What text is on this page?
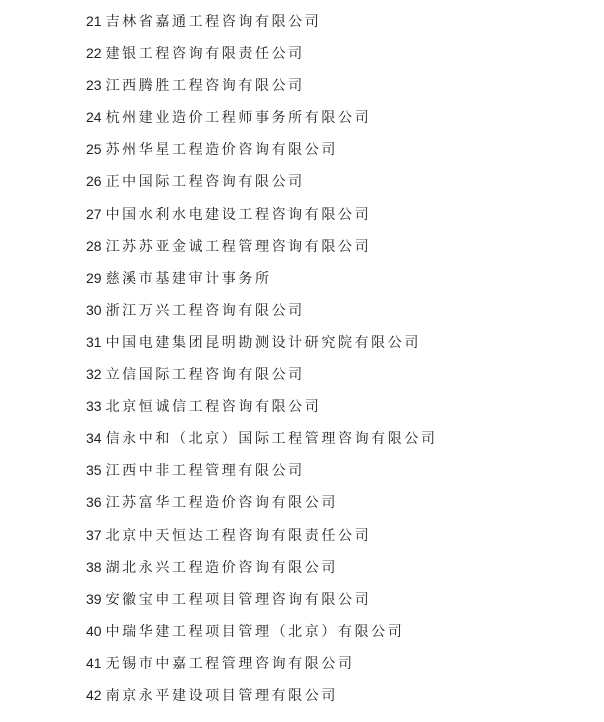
21 吉林省嘉通工程咨询有限公司
22 建银工程咨询有限责任公司
23 江西腾胜工程咨询有限公司
24 杭州建业造价工程师事务所有限公司
25 苏州华星工程造价咨询有限公司
26 正中国际工程咨询有限公司
27 中国水利水电建设工程咨询有限公司
28 江苏苏亚金诚工程管理咨询有限公司
29 慈溪市基建审计事务所
30 浙江万兴工程咨询有限公司
31 中国电建集团昆明勘测设计研究院有限公司
32 立信国际工程咨询有限公司
33 北京恒诚信工程咨询有限公司
34 信永中和（北京）国际工程管理咨询有限公司
35 江西中非工程管理有限公司
36 江苏富华工程造价咨询有限公司
37 北京中天恒达工程咨询有限责任公司
38 湖北永兴工程造价咨询有限公司
39 安徽宝申工程项目管理咨询有限公司
40 中瑞华建工程项目管理（北京）有限公司
41 无锡市中嘉工程管理咨询有限公司
42 南京永平建设项目管理有限公司
